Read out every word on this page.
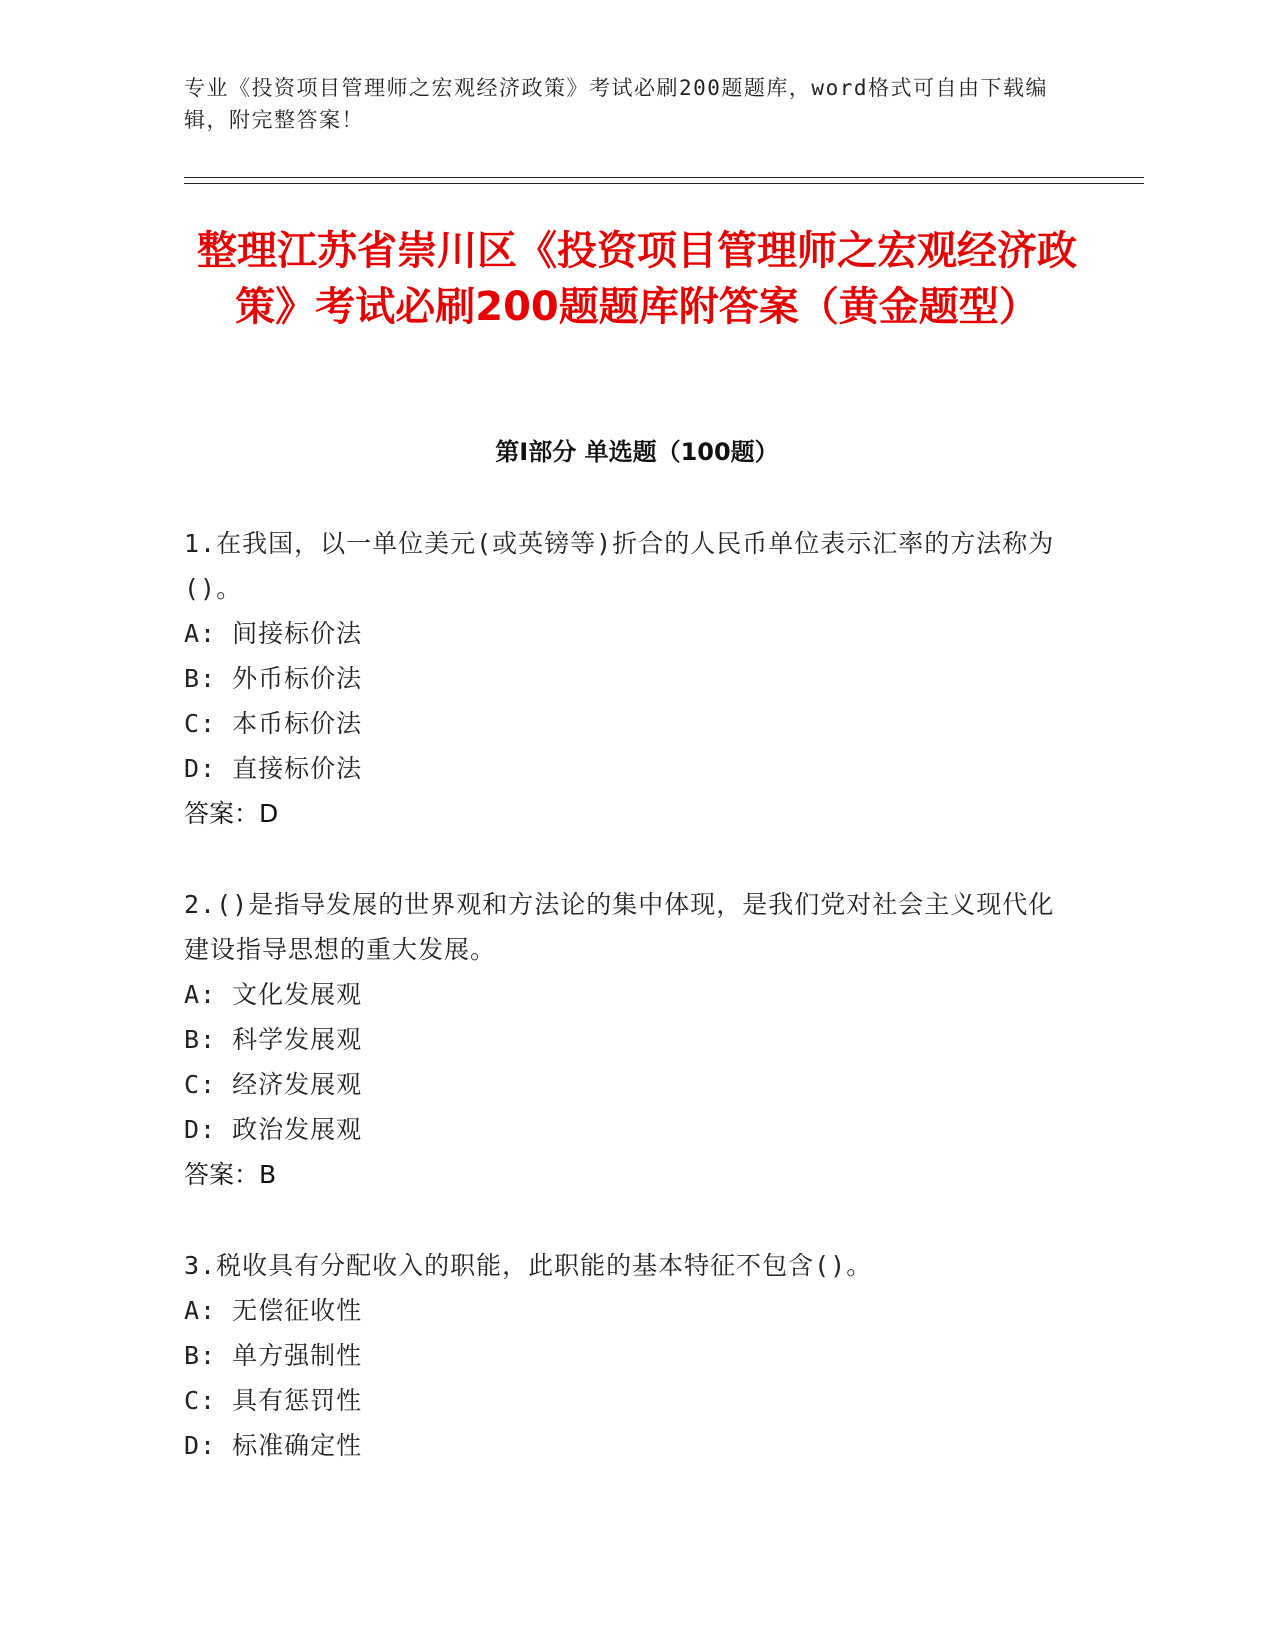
专业《投资项目管理师之宏观经济政策》考试必刷200题题库，word格式可自由下载编辑，附完整答案！
整理江苏省崇川区《投资项目管理师之宏观经济政策》考试必刷200题题库附答案（黄金题型）
第Ⅰ部分 单选题（100题）
1.在我国，以一单位美元(或英镑等)折合的人民币单位表示汇率的方法称为()。
A: 间接标价法
B: 外币标价法
C: 本币标价法
D: 直接标价法
答案：D
2.()是指导发展的世界观和方法论的集中体现，是我们党对社会主义现代化建设指导思想的重大发展。
A: 文化发展观
B: 科学发展观
C: 经济发展观
D: 政治发展观
答案：B
3.税收具有分配收入的职能，此职能的基本特征不包含()。
A: 无偿征收性
B: 单方强制性
C: 具有惩罚性
D: 标准确定性
